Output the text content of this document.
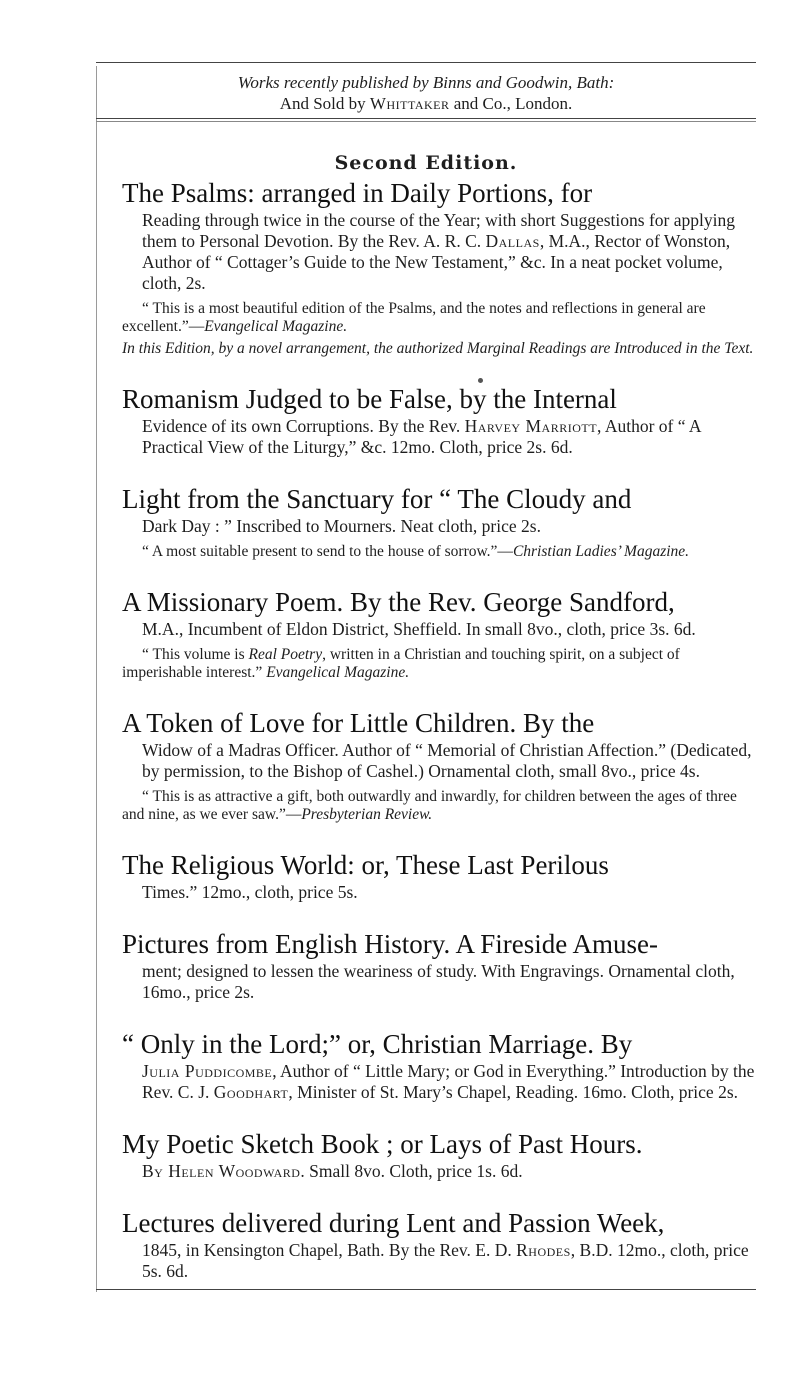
Works recently published by Binns and Goodwin, Bath:
And Sold by Whittaker and Co., London.
Second Edition.
The Psalms: arranged in Daily Portions, for
Reading through twice in the course of the Year; with short Suggestions for applying them to Personal Devotion. By the Rev. A. R. C. Dallas, M.A., Rector of Wonston, Author of “ Cottager’s Guide to the New Testament,” &c. In a neat pocket volume, cloth, 2s.
“ This is a most beautiful edition of the Psalms, and the notes and reflections in general are excellent.”—Evangelical Magazine.
In this Edition, by a novel arrangement, the authorized Marginal Readings are Introduced in the Text.
Romanism Judged to be False, by the Internal
Evidence of its own Corruptions. By the Rev. Harvey Marriott, Author of “ A Practical View of the Liturgy,” &c. 12mo. Cloth, price 2s. 6d.
Light from the Sanctuary for “ The Cloudy and
Dark Day : ” Inscribed to Mourners. Neat cloth, price 2s.
“ A most suitable present to send to the house of sorrow.”—Christian Ladies’ Magazine.
A Missionary Poem. By the Rev. George Sandford,
M.A., Incumbent of Eldon District, Sheffield. In small 8vo., cloth, price 3s. 6d.
“ This volume is Real Poetry, written in a Christian and touching spirit, on a subject of imperishable interest.” Evangelical Magazine.
A Token of Love for Little Children. By the
Widow of a Madras Officer. Author of “ Memorial of Christian Affection.” (Dedicated, by permission, to the Bishop of Cashel.) Ornamental cloth, small 8vo., price 4s.
“ This is as attractive a gift, both outwardly and inwardly, for children between the ages of three and nine, as we ever saw.”—Presbyterian Review.
The Religious World: or, These Last Perilous
Times.” 12mo., cloth, price 5s.
Pictures from English History. A Fireside Amuse-
ment; designed to lessen the weariness of study. With Engravings. Ornamental cloth, 16mo., price 2s.
“ Only in the Lord;” or, Christian Marriage. By
Julia Puddicombe, Author of “ Little Mary; or God in Everything.” Introduction by the Rev. C. J. Goodhart, Minister of St. Mary’s Chapel, Reading. 16mo. Cloth, price 2s.
My Poetic Sketch Book ; or Lays of Past Hours.
By Helen Woodward. Small 8vo. Cloth, price 1s. 6d.
Lectures delivered during Lent and Passion Week,
1845, in Kensington Chapel, Bath. By the Rev. E. D. Rhodes, B.D. 12mo., cloth, price 5s. 6d.
